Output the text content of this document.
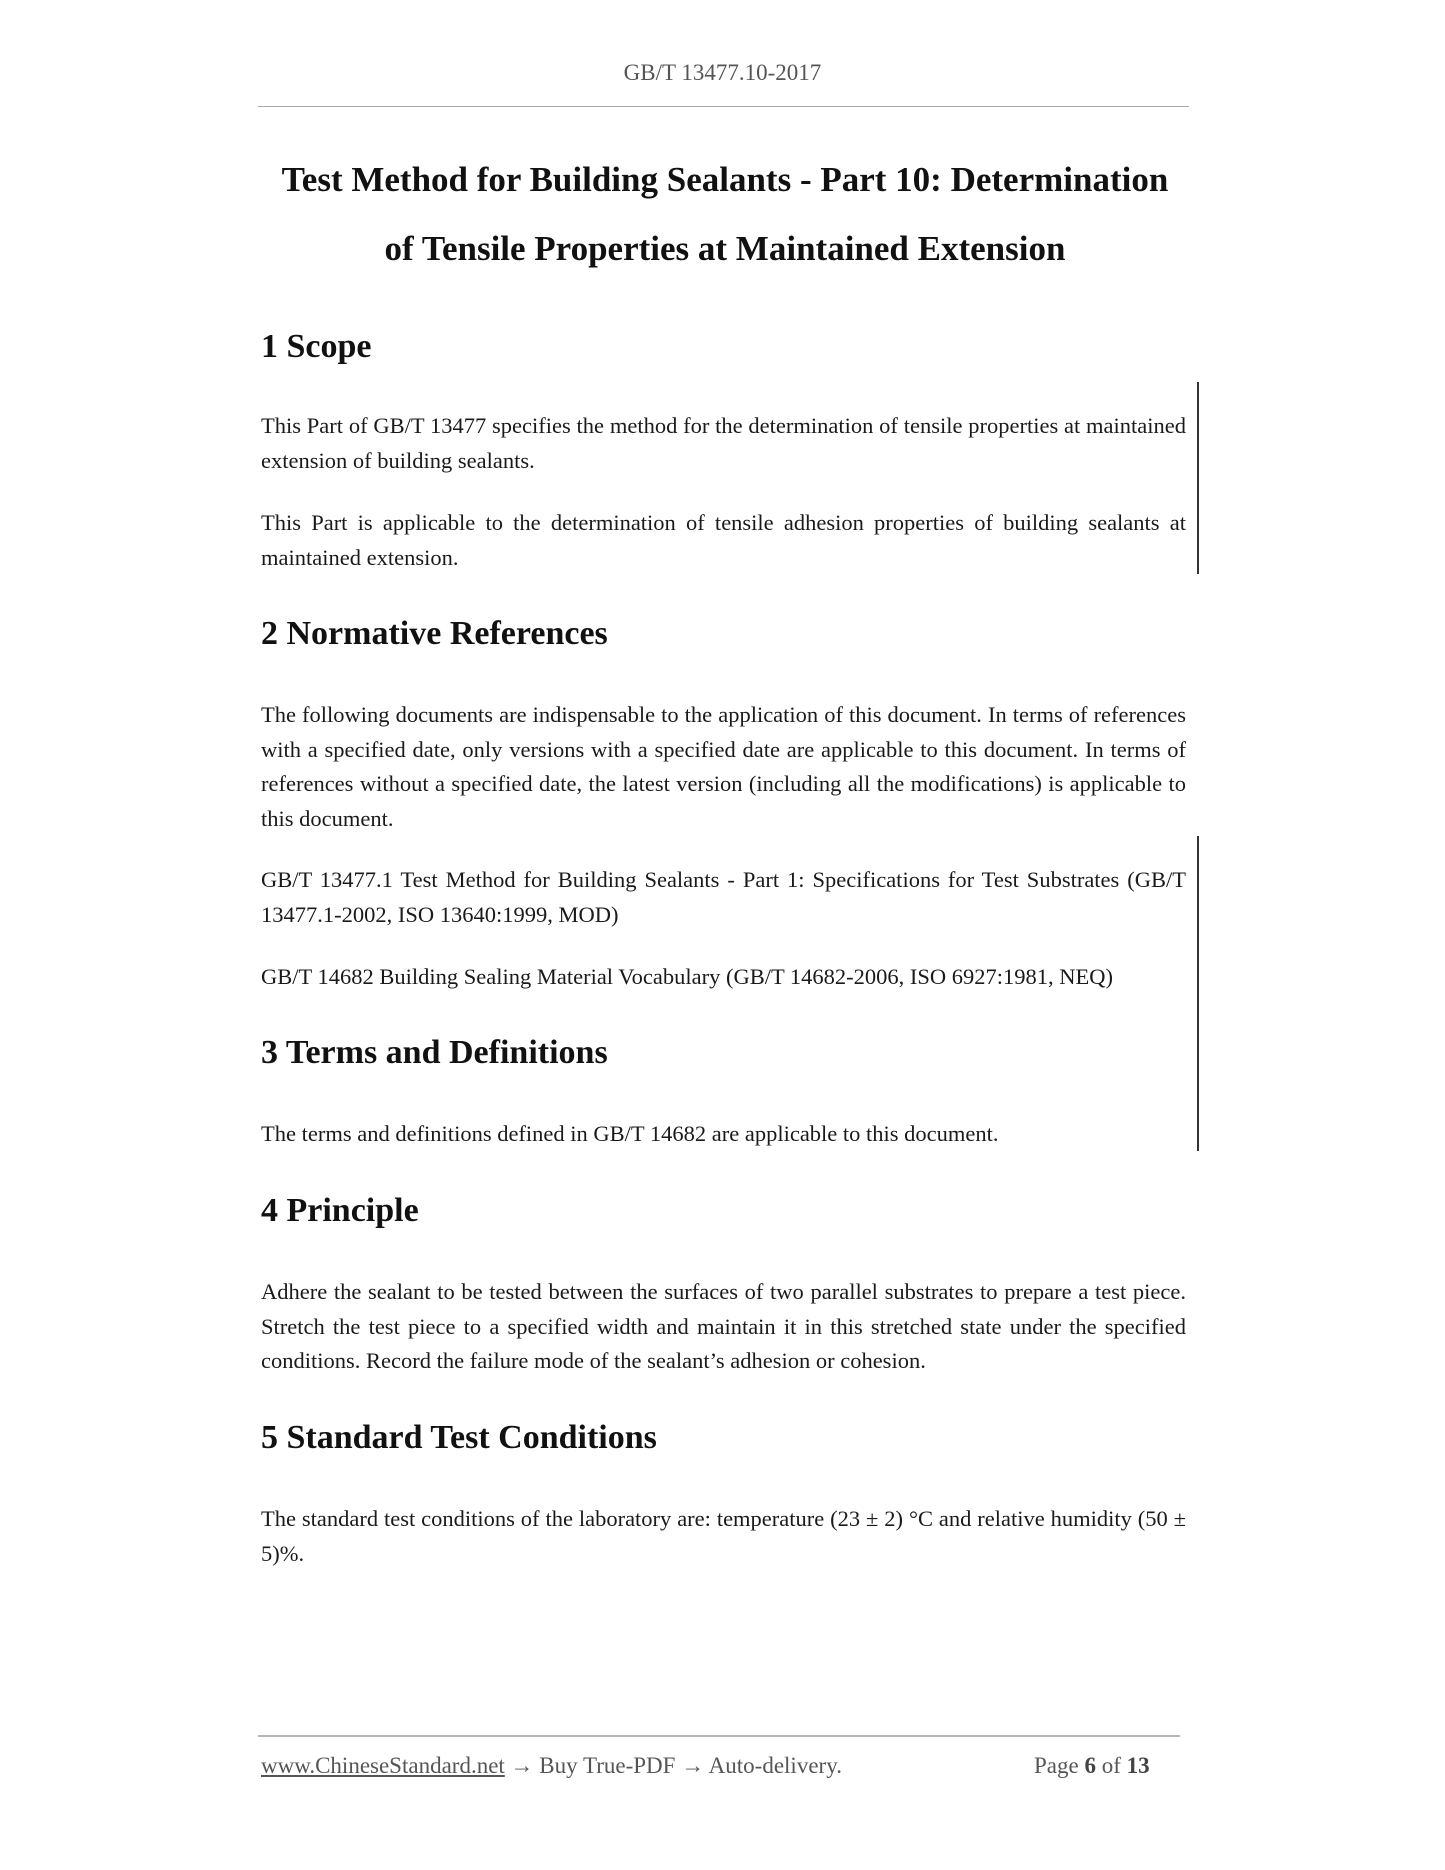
GB/T 13477.10-2017
Test Method for Building Sealants - Part 10: Determination
of Tensile Properties at Maintained Extension
1 Scope
This Part of GB/T 13477 specifies the method for the determination of tensile properties at maintained extension of building sealants.
This Part is applicable to the determination of tensile adhesion properties of building sealants at maintained extension.
2 Normative References
The following documents are indispensable to the application of this document. In terms of references with a specified date, only versions with a specified date are applicable to this document. In terms of references without a specified date, the latest version (including all the modifications) is applicable to this document.
GB/T 13477.1 Test Method for Building Sealants - Part 1: Specifications for Test Substrates (GB/T 13477.1-2002, ISO 13640:1999, MOD)
GB/T 14682 Building Sealing Material Vocabulary (GB/T 14682-2006, ISO 6927:1981, NEQ)
3 Terms and Definitions
The terms and definitions defined in GB/T 14682 are applicable to this document.
4 Principle
Adhere the sealant to be tested between the surfaces of two parallel substrates to prepare a test piece. Stretch the test piece to a specified width and maintain it in this stretched state under the specified conditions. Record the failure mode of the sealant’s adhesion or cohesion.
5 Standard Test Conditions
The standard test conditions of the laboratory are: temperature (23 ± 2) °C and relative humidity (50 ± 5)%.
www.ChineseStandard.net → Buy True-PDF → Auto-delivery.	Page 6 of 13
